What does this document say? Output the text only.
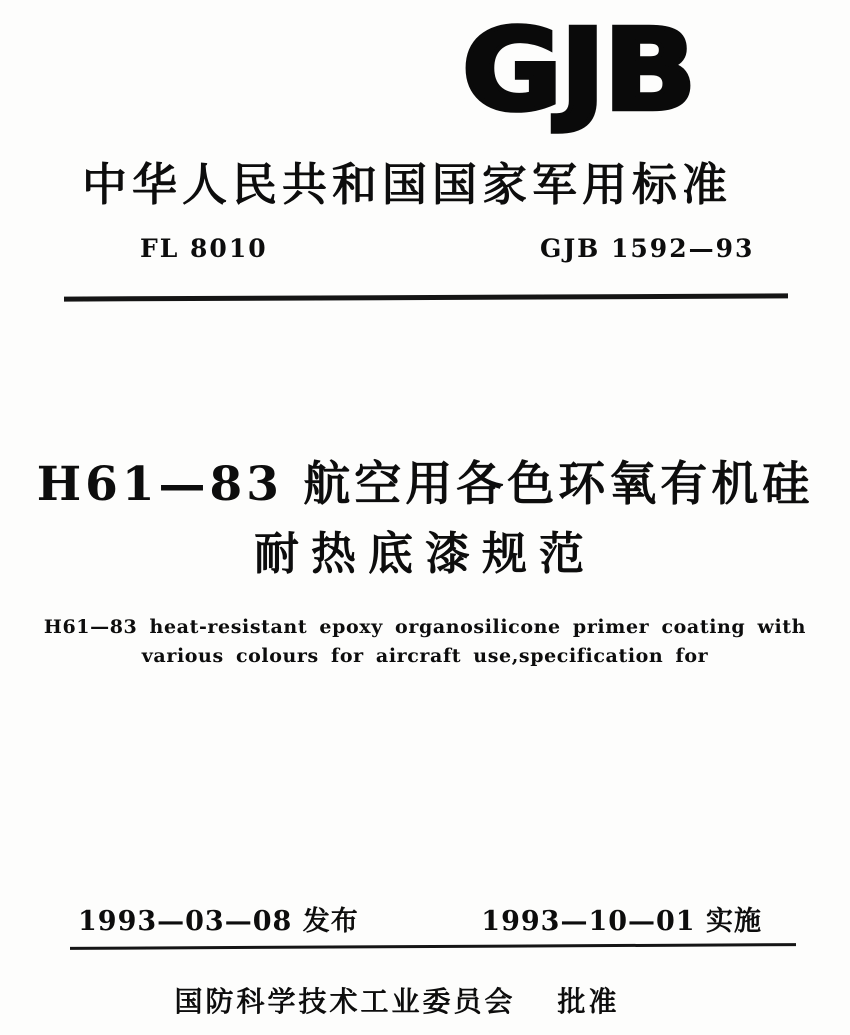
GJB
中华人民共和国国家军用标准
FL 8010	GJB 1592—93
H61—83 航空用各色环氧有机硅
耐热底漆规范
H61—83 heat-resistant epoxy organosilicone primer coating with
various colours for aircraft use,specification for
1993—03—08 发布	1993—10—01 实施
国防科学技术工业委员会 批准
